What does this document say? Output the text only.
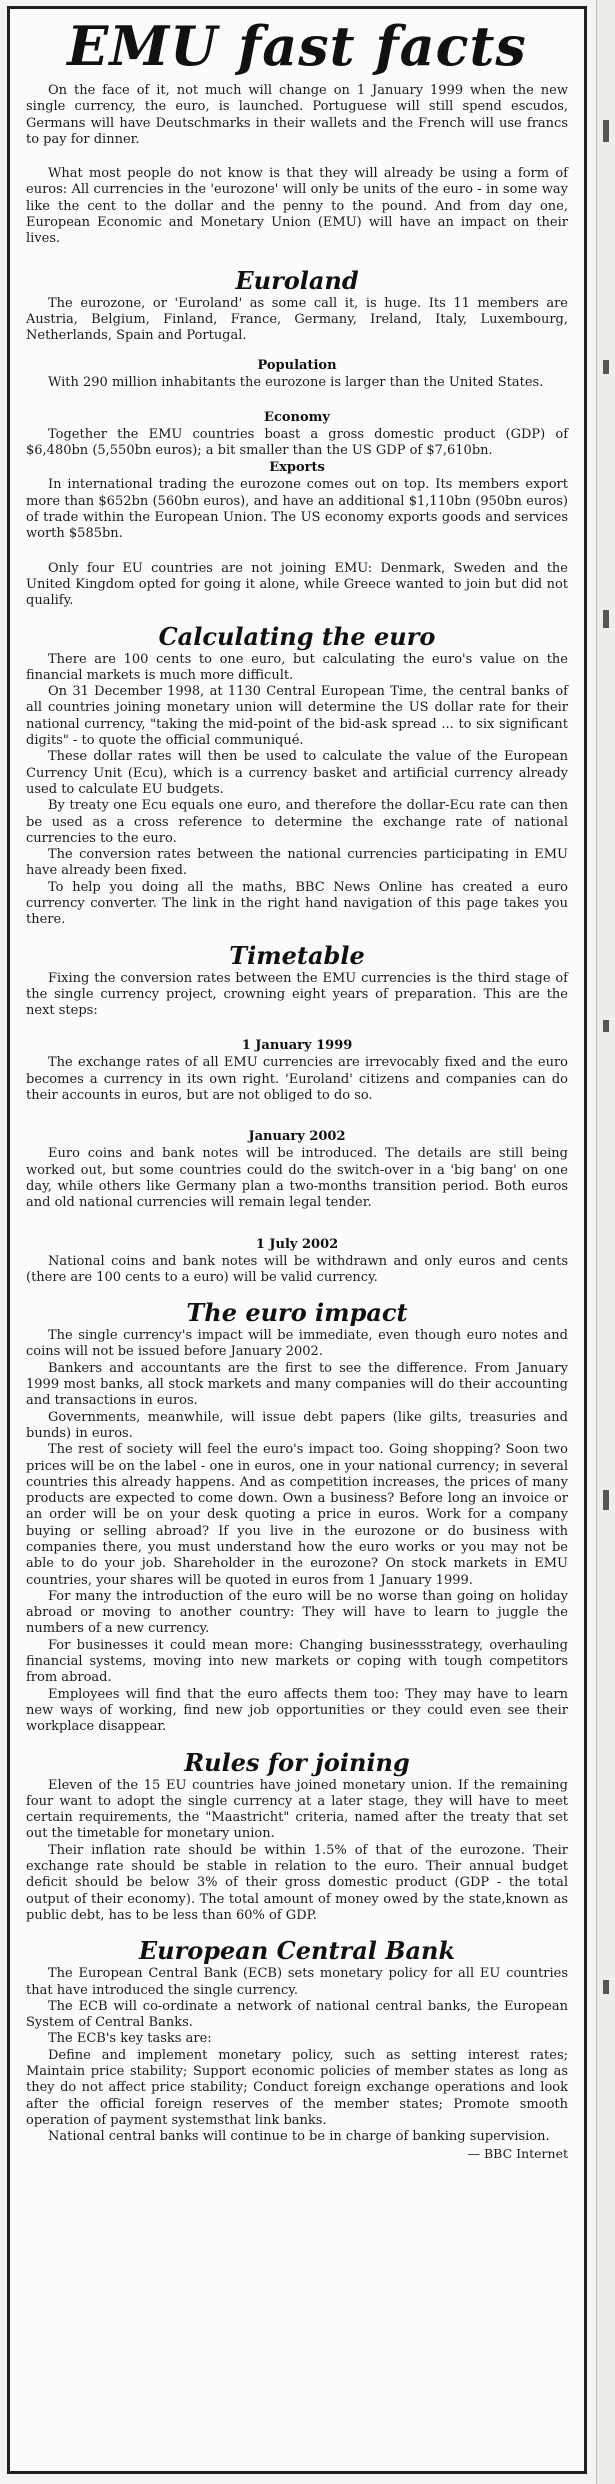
EMU fast facts

On the face of it, not much will change on 1 January 1999 when the new single currency, the euro, is launched. Portuguese will still spend escudos, Germans will have Deutschmarks in their wallets and the French will use francs to pay for dinner.

What most people do not know is that they will already be using a form of euros: All currencies in the 'eurozone' will only be units of the euro - in some way like the cent to the dollar and the penny to the pound. And from day one, European Economic and Monetary Union (EMU) will have an impact on their lives.

Euroland

The eurozone, or 'Euroland' as some call it, is huge. Its 11 members are Austria, Belgium, Finland, France, Germany, Ireland, Italy, Luxembourg, Netherlands, Spain and Portugal.

Population

With 290 million inhabitants the eurozone is larger than the United States.

Economy

Together the EMU countries boast a gross domestic product (GDP) of $6,480bn (5,550bn euros); a bit smaller than the US GDP of $7,610bn.

Exports

In international trading the eurozone comes out on top. Its members export more than $652bn (560bn euros), and have an additional $1,110bn (950bn euros) of trade within the European Union. The US economy exports goods and services worth $585bn.

Only four EU countries are not joining EMU: Denmark, Sweden and the United Kingdom opted for going it alone, while Greece wanted to join but did not qualify.

Calculating the euro

There are 100 cents to one euro, but calculating the euro's value on the financial markets is much more difficult.

On 31 December 1998, at 1130 Central European Time, the central banks of all countries joining monetary union will determine the US dollar rate for their national currency, "taking the mid-point of the bid-ask spread ... to six significant digits" - to quote the official communiqué.

These dollar rates will then be used to calculate the value of the European Currency Unit (Ecu), which is a currency basket and artificial currency already used to calculate EU budgets.

By treaty one Ecu equals one euro, and therefore the dollar-Ecu rate can then be used as a cross reference to determine the exchange rate of national currencies to the euro.

The conversion rates between the national currencies participating in EMU have already been fixed.

To help you doing all the maths, BBC News Online has created a euro currency converter. The link in the right hand navigation of this page takes you there.

Timetable

Fixing the conversion rates between the EMU currencies is the third stage of the single currency project, crowning eight years of preparation. This are the next steps:

1 January 1999

The exchange rates of all EMU currencies are irrevocably fixed and the euro becomes a currency in its own right. 'Euroland' citizens and companies can do their accounts in euros, but are not obliged to do so.

January 2002

Euro coins and bank notes will be introduced. The details are still being worked out, but some countries could do the switch-over in a 'big bang' on one day, while others like Germany plan a two-months transition period. Both euros and old national currencies will remain legal tender.

1 July 2002

National coins and bank notes will be withdrawn and only euros and cents (there are 100 cents to a euro) will be valid currency.

The euro impact

The single currency's impact will be immediate, even though euro notes and coins will not be issued before January 2002.

Bankers and accountants are the first to see the difference. From January 1999 most banks, all stock markets and many companies will do their accounting and transactions in euros.

Governments, meanwhile, will issue debt papers (like gilts, treasuries and bunds) in euros.

The rest of society will feel the euro's impact too. Going shopping? Soon two prices will be on the label - one in euros, one in your national currency; in several countries this already happens. And as competition increases, the prices of many products are expected to come down. Own a business? Before long an invoice or an order will be on your desk quoting a price in euros. Work for a company buying or selling abroad? If you live in the eurozone or do business with companies there, you must understand how the euro works or you may not be able to do your job. Shareholder in the eurozone? On stock markets in EMU countries, your shares will be quoted in euros from 1 January 1999.

For many the introduction of the euro will be no worse than going on holiday abroad or moving to another country: They will have to learn to juggle the numbers of a new currency.

For businesses it could mean more: Changing businessstrategy, overhauling financial systems, moving into new markets or coping with tough competitors from abroad.

Employees will find that the euro affects them too: They may have to learn new ways of working, find new job opportunities or they could even see their workplace disappear.

Rules for joining

Eleven of the 15 EU countries have joined monetary union. If the remaining four want to adopt the single currency at a later stage, they will have to meet certain requirements, the "Maastricht" criteria, named after the treaty that set out the timetable for monetary union.

Their inflation rate should be within 1.5% of that of the eurozone. Their exchange rate should be stable in relation to the euro. Their annual budget deficit should be below 3% of their gross domestic product (GDP - the total output of their economy). The total amount of money owed by the state,known as public debt, has to be less than 60% of GDP.

European Central Bank

The European Central Bank (ECB) sets monetary policy for all EU countries that have introduced the single currency.

The ECB will co-ordinate a network of national central banks, the European System of Central Banks.

The ECB's key tasks are:

Define and implement monetary policy, such as setting interest rates; Maintain price stability; Support economic policies of member states as long as they do not affect price stability; Conduct foreign exchange operations and look after the official foreign reserves of the member states; Promote smooth operation of payment systemsthat link banks.

National central banks will continue to be in charge of banking supervision.

— BBC Internet
